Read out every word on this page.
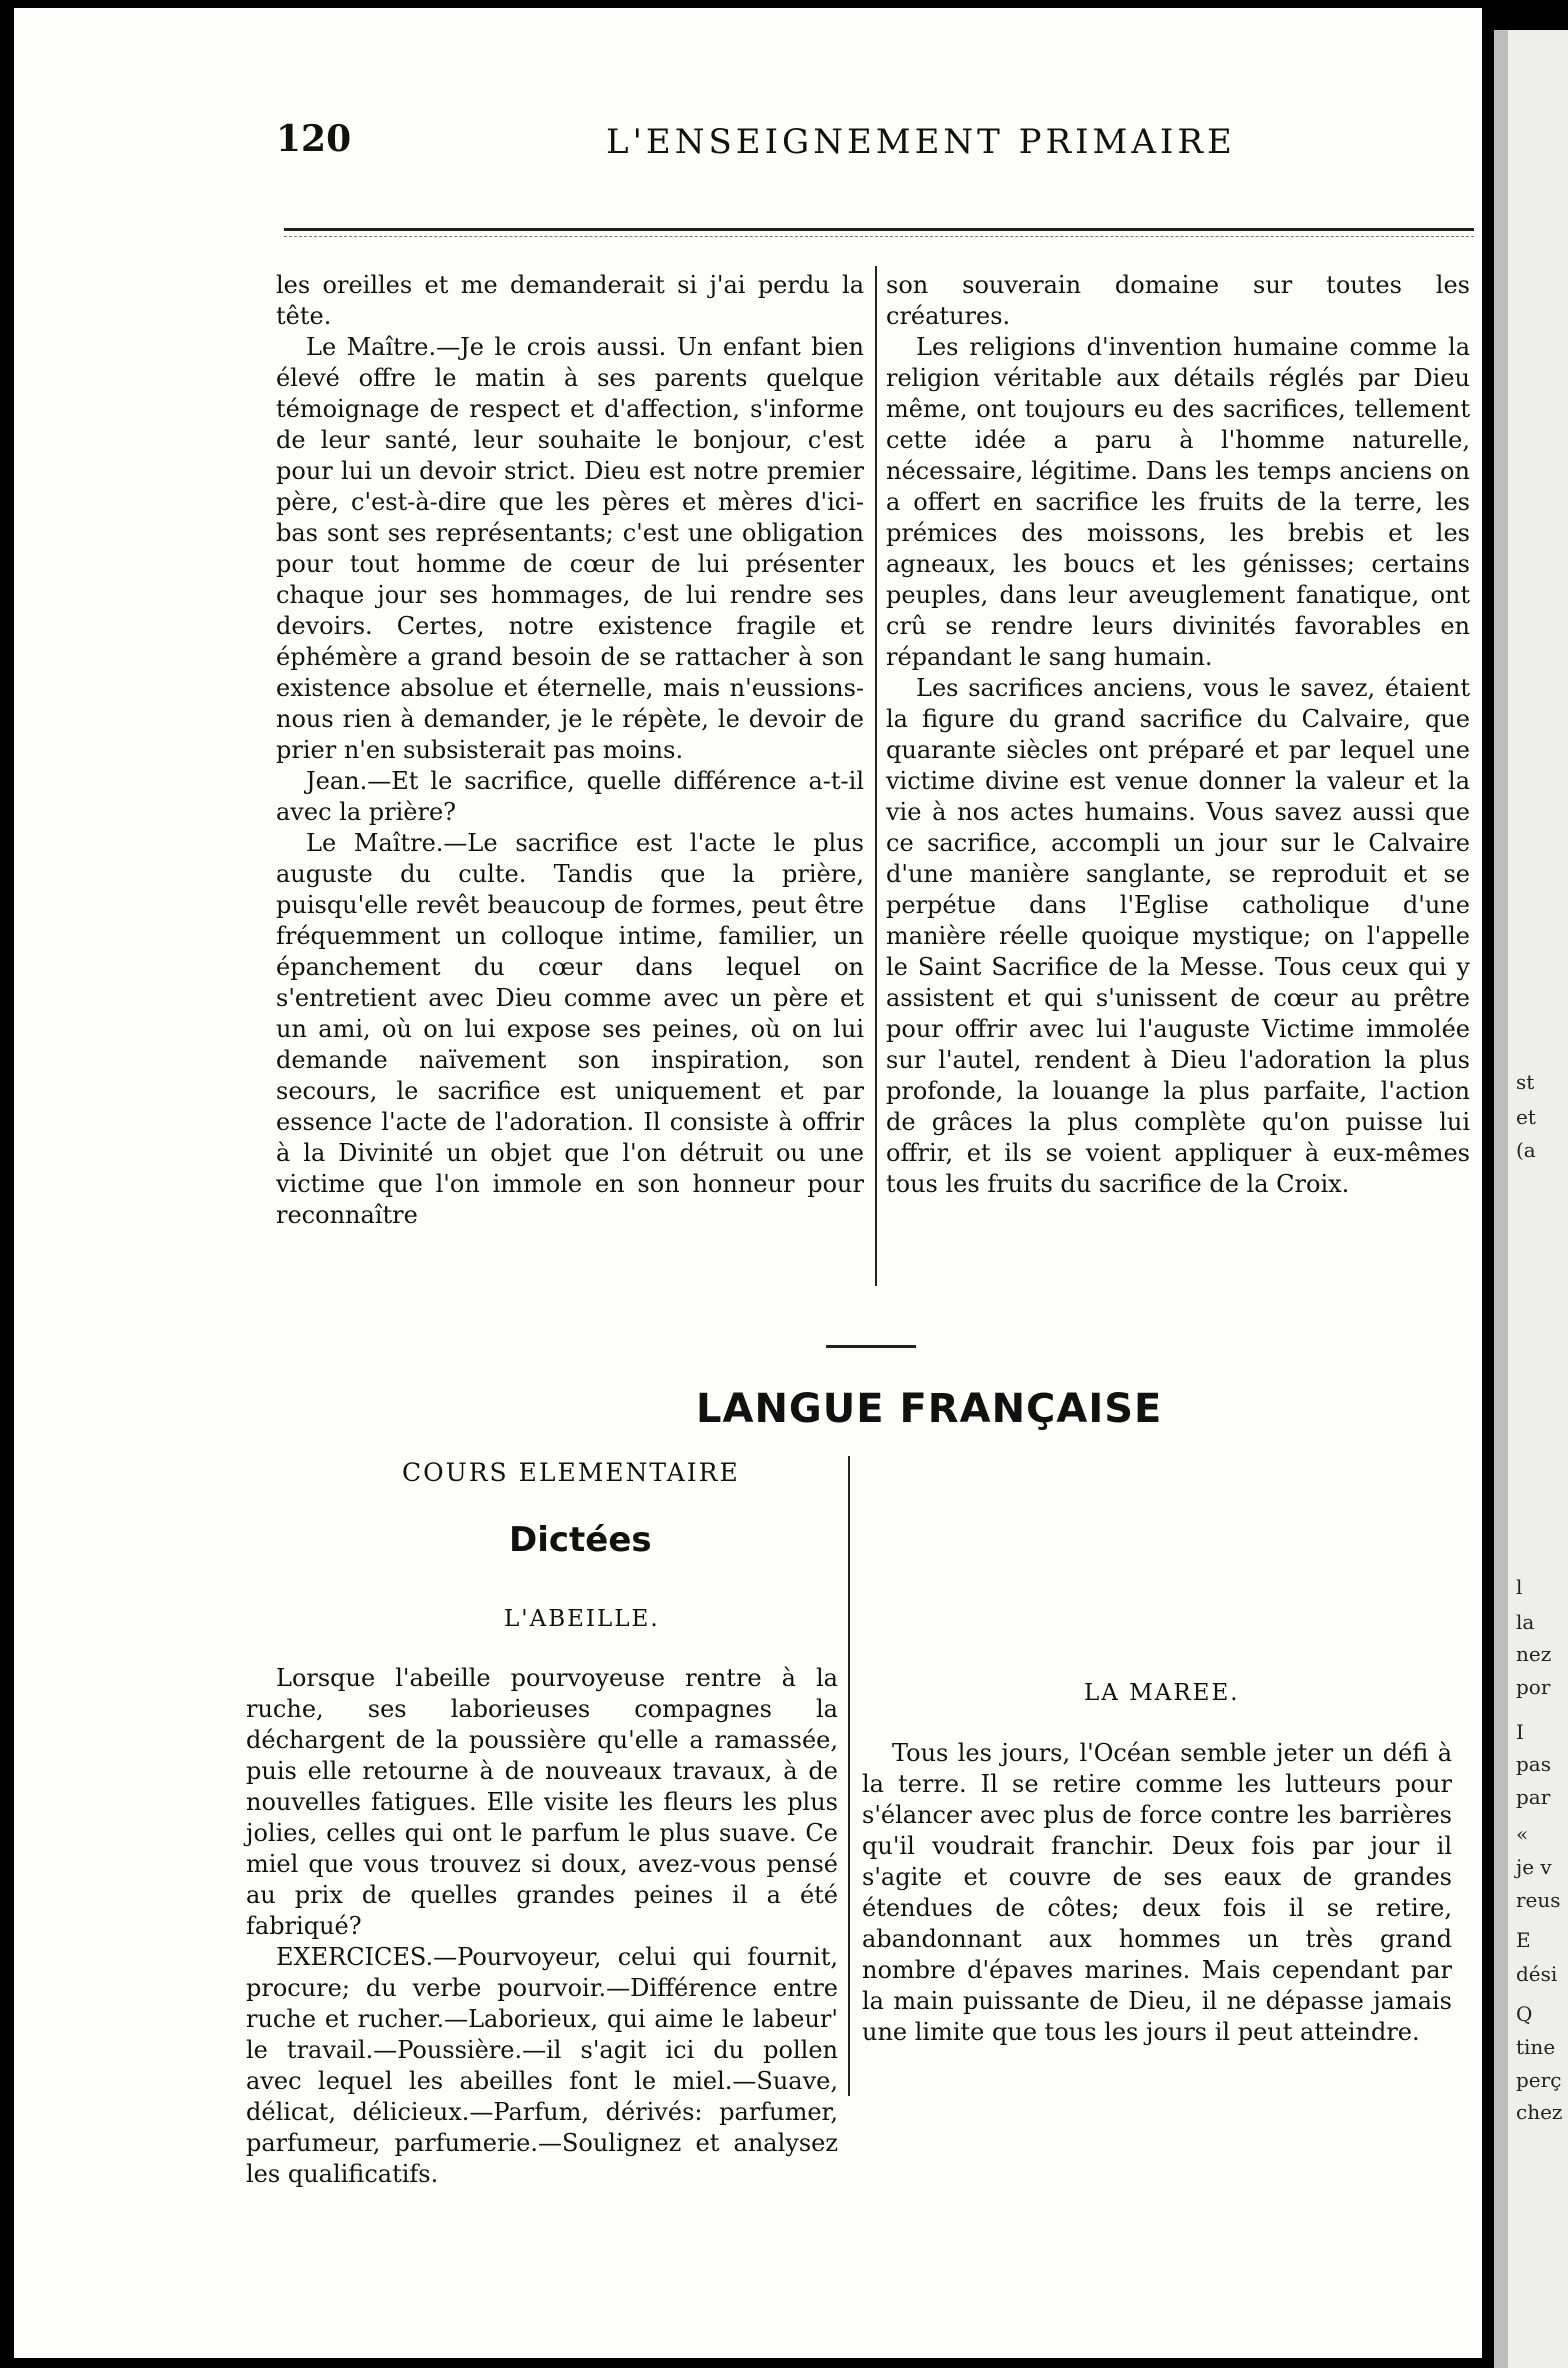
120	L'ENSEIGNEMENT PRIMAIRE

les oreilles et me demanderait si j'ai perdu la tête.

Le Maître.—Je le crois aussi. Un enfant bien élevé offre le matin à ses parents quelque témoignage de respect et d'affection, s'informe de leur santé, leur souhaite le bonjour, c'est pour lui un devoir strict. Dieu est notre premier père, c'est-à-dire que les pères et mères d'ici-bas sont ses représentants; c'est une obligation pour tout homme de cœur de lui présenter chaque jour ses hommages, de lui rendre ses devoirs. Certes, notre existence fragile et éphémère a grand besoin de se rattacher à son existence absolue et éternelle, mais n'eussions-nous rien à demander, je le répète, le devoir de prier n'en subsisterait pas moins.

Jean.—Et le sacrifice, quelle différence a-t-il avec la prière?

Le Maître.—Le sacrifice est l'acte le plus auguste du culte. Tandis que la prière, puisqu'elle revêt beaucoup de formes, peut être fréquemment un colloque intime, familier, un épanchement du cœur dans lequel on s'entretient avec Dieu comme avec un père et un ami, où on lui expose ses peines, où on lui demande naïvement son inspiration, son secours, le sacrifice est uniquement et par essence l'acte de l'adoration. Il consiste à offrir à la Divinité un objet que l'on détruit ou une victime que l'on immole en son honneur pour reconnaître

son souverain domaine sur toutes les créatures.

Les religions d'invention humaine comme la religion véritable aux détails réglés par Dieu même, ont toujours eu des sacrifices, tellement cette idée a paru à l'homme naturelle, nécessaire, légitime. Dans les temps anciens on a offert en sacrifice les fruits de la terre, les prémices des moissons, les brebis et les agneaux, les boucs et les génisses; certains peuples, dans leur aveuglement fanatique, ont crû se rendre leurs divinités favorables en répandant le sang humain.

Les sacrifices anciens, vous le savez, étaient la figure du grand sacrifice du Calvaire, que quarante siècles ont préparé et par lequel une victime divine est venue donner la valeur et la vie à nos actes humains. Vous savez aussi que ce sacrifice, accompli un jour sur le Calvaire d'une manière sanglante, se reproduit et se perpétue dans l'Eglise catholique d'une manière réelle quoique mystique; on l'appelle le Saint Sacrifice de la Messe. Tous ceux qui y assistent et qui s'unissent de cœur au prêtre pour offrir avec lui l'auguste Victime immolée sur l'autel, rendent à Dieu l'adoration la plus profonde, la louange la plus parfaite, l'action de grâces la plus complète qu'on puisse lui offrir, et ils se voient appliquer à eux-mêmes tous les fruits du sacrifice de la Croix.

LANGUE FRANÇAISE
COURS ELEMENTAIRE
Dictées
L'ABEILLE.

Lorsque l'abeille pourvoyeuse rentre à la ruche, ses laborieuses compagnes la déchargent de la poussière qu'elle a ramassée, puis elle retourne à de nouveaux travaux, à de nouvelles fatigues. Elle visite les fleurs les plus jolies, celles qui ont le parfum le plus suave. Ce miel que vous trouvez si doux, avez-vous pensé au prix de quelles grandes peines il a été fabriqué?

EXERCICES.—Pourvoyeur, celui qui fournit, procure; du verbe pourvoir.—Différence entre ruche et rucher.—Laborieux, qui aime le labeur' le travail.—Poussière.—il s'agit ici du pollen avec lequel les abeilles font le miel.—Suave, délicat, délicieux.—Parfum, dérivés: parfumer, parfumeur, parfumerie.—Soulignez et analysez les qualificatifs.

LA MAREE.

Tous les jours, l'Océan semble jeter un défi à la terre. Il se retire comme les lutteurs pour s'élancer avec plus de force contre les barrières qu'il voudrait franchir. Deux fois par jour il s'agite et couvre de ses eaux de grandes étendues de côtes; deux fois il se retire, abandonnant aux hommes un très grand nombre d'épaves marines. Mais cependant par la main puissante de Dieu, il ne dépasse jamais une limite que tous les jours il peut atteindre.

st
et
(a
l
la
nez
por
I
pas
par
«
je v
reus
E
dési
Q
tine
perç
chez
